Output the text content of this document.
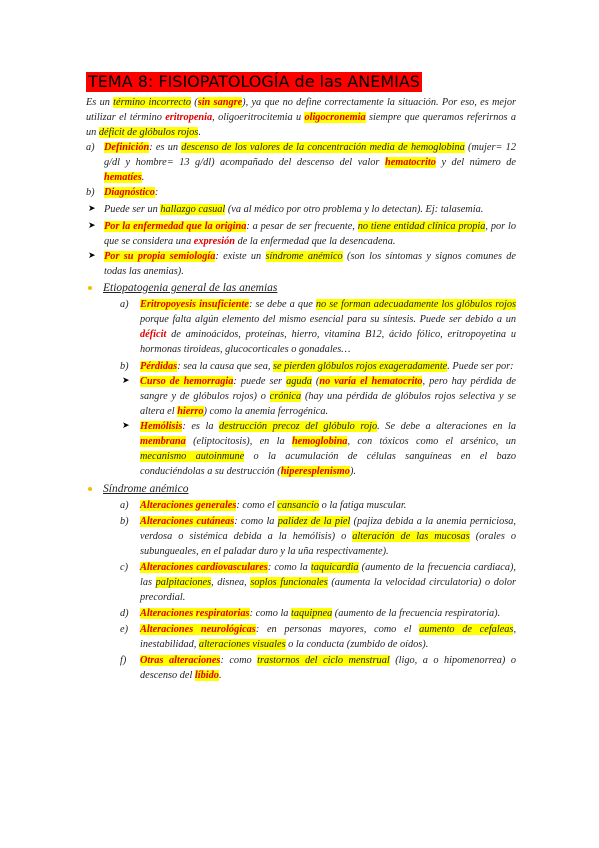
TEMA 8: FISIOPATOLOGÍA de las ANEMIAS
Es un término incorrecto (sin sangre), ya que no define correctamente la situación. Por eso, es mejor utilizar el término eritropenia, oligoeritrocitemia u oligocronemia siempre que queramos referirnos a un déficit de glóbulos rojos.
a) Definición: es un descenso de los valores de la concentración media de hemoglobina (mujer= 12 g/dl y hombre= 13 g/dl) acompañado del descenso del valor hematocrito y del número de hematíes.
b) Diagnóstico:
➤ Puede ser un hallazgo casual (va al médico por otro problema y lo detectan). Ej: talasemia.
➤ Por la enfermedad que la origina: a pesar de ser frecuente, no tiene entidad clínica propia, por lo que se considera una expresión de la enfermedad que la desencadena.
➤ Por su propia semiología: existe un síndrome anémico (son los síntomas y signos comunes de todas las anemias).
Etiopatogenia general de las anemias
a) Eritropoyesis insuficiente: se debe a que no se forman adecuadamente los glóbulos rojos porque falta algún elemento del mismo esencial para su síntesis. Puede ser debido a un déficit de aminoácidos, proteínas, hierro, vitamina B12, ácido fólico, eritropoyetina u hormonas tiroideas, glucocorticales o gonadales…
b) Pérdidas: sea la causa que sea, se pierden glóbulos rojos exageradamente. Puede ser por:
➤ Curso de hemorragia: puede ser aguda (no varía el hematocrito, pero hay pérdida de sangre y de glóbulos rojos) o crónica (hay una pérdida de glóbulos rojos selectiva y se altera el hierro) como la anemia ferrogénica.
➤ Hemólisis: es la destrucción precoz del glóbulo rojo. Se debe a alteraciones en la membrana (eliptocitosis), en la hemoglobina, con tóxicos como el arsénico, un mecanismo autoinmune o la acumulación de células sanguíneas en el bazo conduciéndolas a su destrucción (hiperesplenismo).
Síndrome anémico
a) Alteraciones generales: como el cansancio o la fatiga muscular.
b) Alteraciones cutáneas: como la palidez de la piel (pajiza debida a la anemia perniciosa, verdosa o sistémica debida a la hemólisis) o alteración de las mucosas (orales o subungueales, en el paladar duro y la uña respectivamente).
c) Alteraciones cardiovasculares: como la taquicardia (aumento de la frecuencia cardiaca), las palpitaciones, disnea, soplos funcionales (aumenta la velocidad circulatoria) o dolor precordial.
d) Alteraciones respiratorias: como la taquipnea (aumento de la frecuencia respiratoria).
e) Alteraciones neurológicas: en personas mayores, como el aumento de cefaleas, inestabilidad, alteraciones visuales o la conducta (zumbido de oídos).
f) Otras alteraciones: como trastornos del ciclo menstrual (ligo, a o hipomenorrea) o descenso del líbido.
